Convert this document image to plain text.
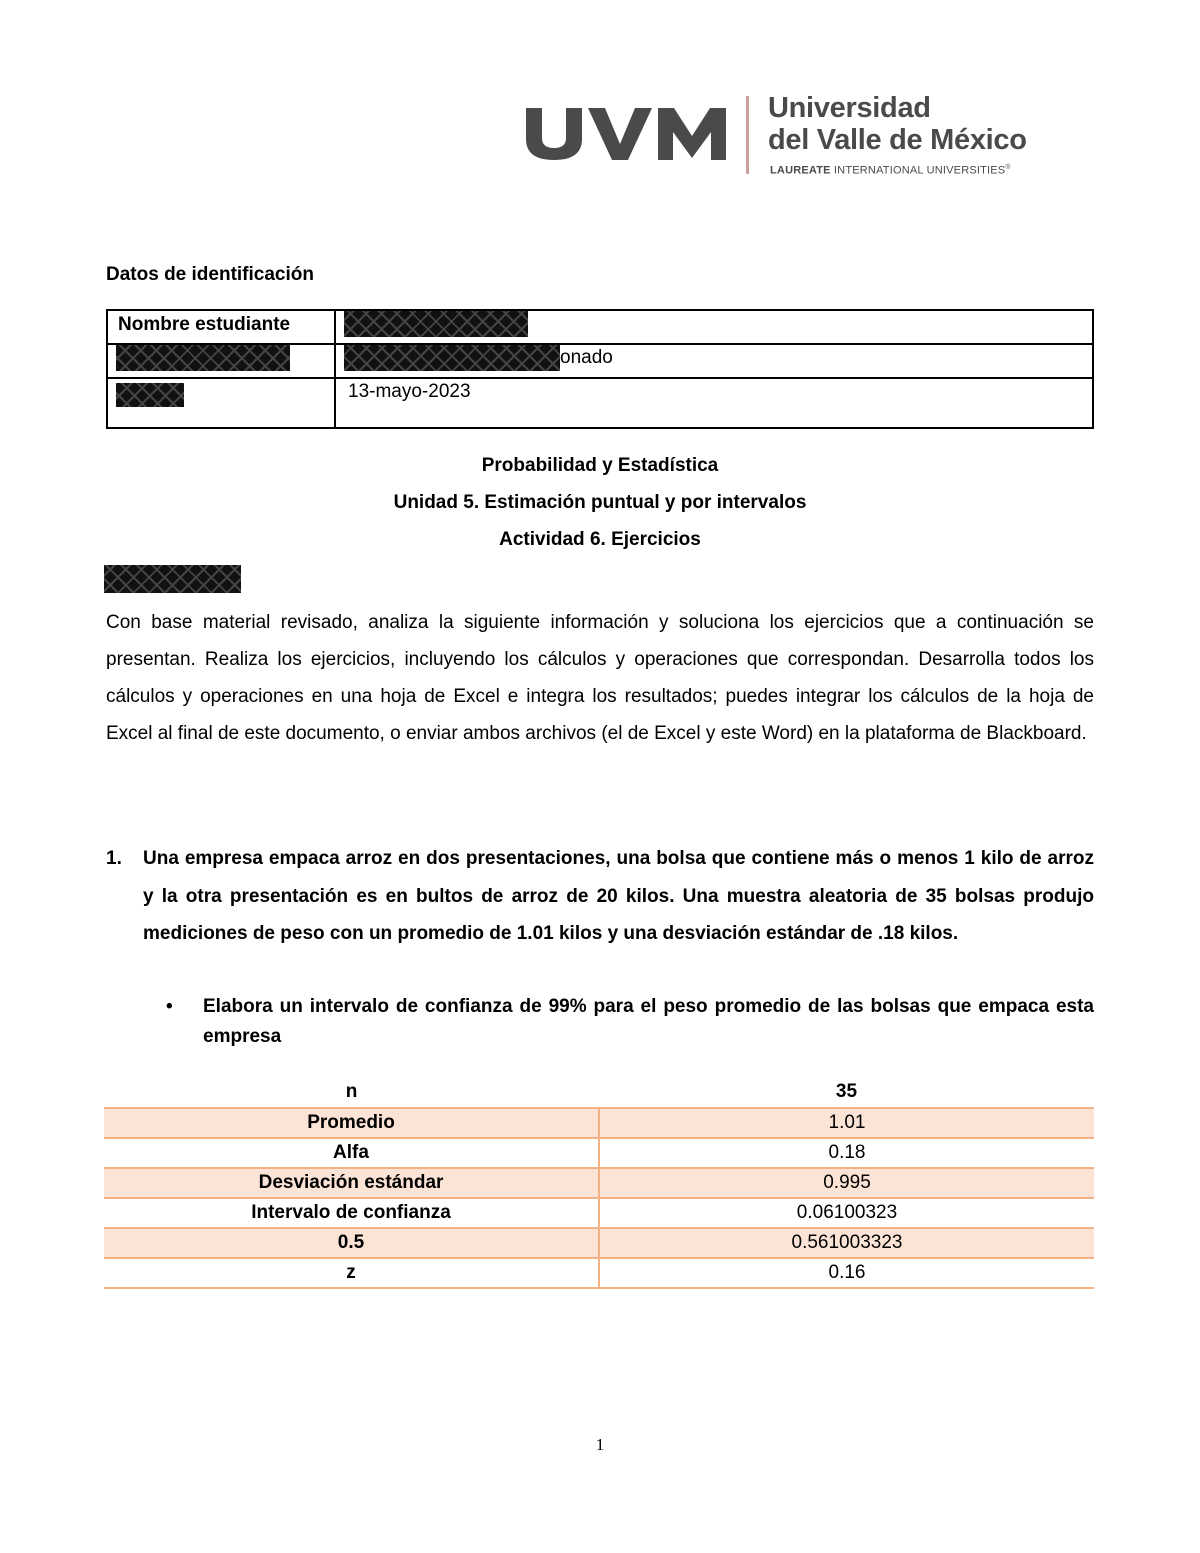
Universidad
del Valle de México
LAUREATE INTERNATIONAL UNIVERSITIES®
Datos de identificación
Nombre estudiante	
	onado
	13-mayo-2023
Probabilidad y Estadística
Unidad 5. Estimación puntual y por intervalos
Actividad 6. Ejercicios
Con base material revisado, analiza la siguiente información y soluciona los ejercicios que a continuación se presentan. Realiza los ejercicios, incluyendo los cálculos y operaciones que correspondan. Desarrolla todos los cálculos y operaciones en una hoja de Excel e integra los resultados; puedes integrar los cálculos de la hoja de Excel al final de este documento, o enviar ambos archivos (el de Excel y este Word) en la plataforma de Blackboard.
1. Una empresa empaca arroz en dos presentaciones, una bolsa que contiene más o menos 1 kilo de arroz y la otra presentación es en bultos de arroz de 20 kilos. Una muestra aleatoria de 35 bolsas produjo mediciones de peso con un promedio de 1.01 kilos y una desviación estándar de .18 kilos.
• Elabora un intervalo de confianza de 99% para el peso promedio de las bolsas que empaca esta empresa
n	35
Promedio	1.01
Alfa	0.18
Desviación estándar	0.995
Intervalo de confianza	0.06100323
0.5	0.561003323
z	0.16
1
